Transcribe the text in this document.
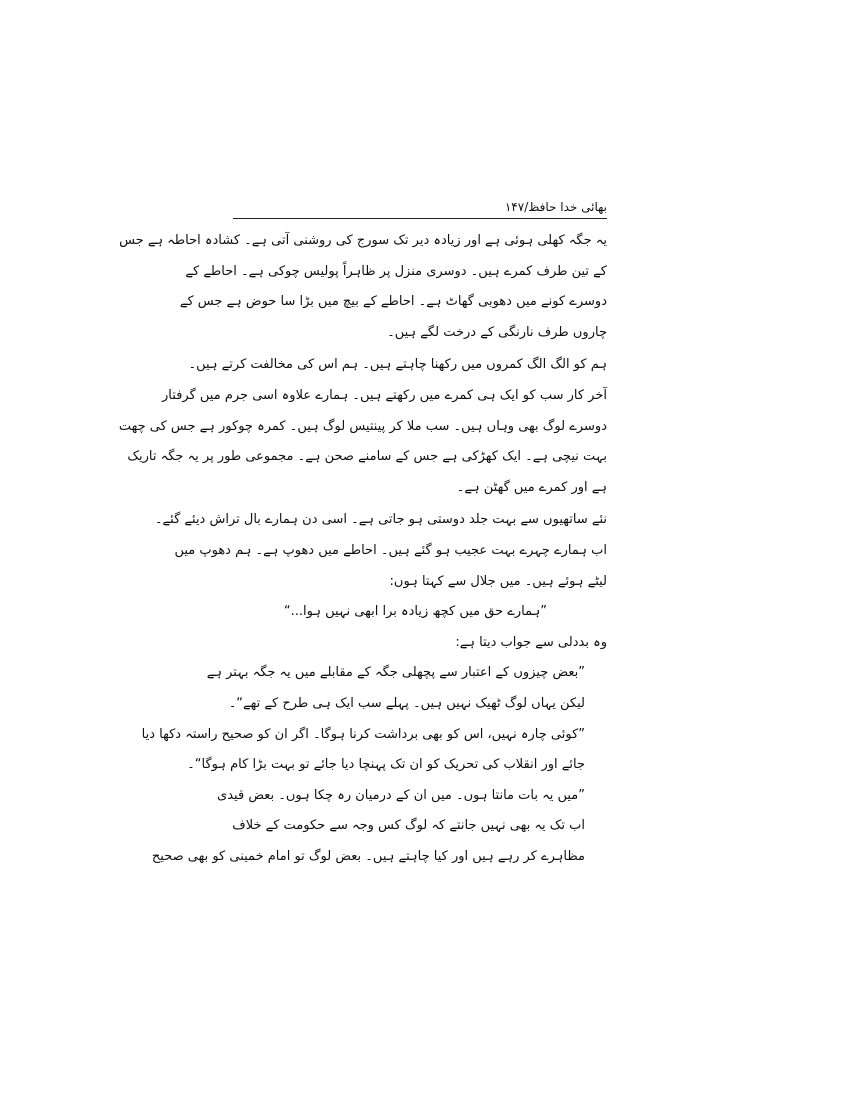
بھائی خدا حافظ/۱۴۷
یہ جگہ کھلی ہوئی ہے اور زیادہ دیر تک سورج کی روشنی آتی ہے۔ کشادہ احاطہ ہے جس
کے تین طرف کمرے ہیں۔ دوسری منزل پر ظاہراً پولیس چوکی ہے۔ احاطے کے
دوسرے کونے میں دھوبی گھاٹ ہے۔ احاطے کے بیچ میں بڑا سا حوض ہے جس کے
چاروں طرف نارنگی کے درخت لگے ہیں۔
ہم کو الگ الگ کمروں میں رکھنا چاہتے ہیں۔ ہم اس کی مخالفت کرتے ہیں۔
آخر کار سب کو ایک ہی کمرے میں رکھتے ہیں۔ ہمارے علاوہ اسی جرم میں گرفتار
دوسرے لوگ بھی وہاں ہیں۔ سب ملا کر پینتیس لوگ ہیں۔ کمرہ چوکور ہے جس کی چھت
بہت نیچی ہے۔ ایک کھڑکی ہے جس کے سامنے صحن ہے۔ مجموعی طور پر یہ جگہ تاریک
ہے اور کمرے میں گھٹن ہے۔
نئے ساتھیوں سے بہت جلد دوستی ہو جاتی ہے۔ اسی دن ہمارے بال تراش دیئے گئے۔
اب ہمارے چہرے بہت عجیب ہو گئے ہیں۔ احاطے میں دھوپ ہے۔ ہم دھوپ میں
لیٹے ہوئے ہیں۔ میں جلال سے کہتا ہوں:
”ہمارے حق میں کچھ زیادہ برا ابھی نہیں ہوا...“
وہ بددلی سے جواب دیتا ہے:
”بعض چیزوں کے اعتبار سے پچھلی جگہ کے مقابلے میں یہ جگہ بہتر ہے
لیکن یہاں لوگ ٹھیک نہیں ہیں۔ پہلے سب ایک ہی طرح کے تھے“۔
”کوئی چارہ نہیں، اس کو بھی برداشت کرنا ہوگا۔ اگر ان کو صحیح راستہ دکھا دیا
جائے اور انقلاب کی تحریک کو ان تک پہنچا دیا جائے تو بہت بڑا کام ہوگا“۔
”میں یہ بات مانتا ہوں۔ میں ان کے درمیان رہ چکا ہوں۔ بعض قیدی
اب تک یہ بھی نہیں جانتے کہ لوگ کس وجہ سے حکومت کے خلاف
مظاہرے کر رہے ہیں اور کیا چاہتے ہیں۔ بعض لوگ تو امام خمینی کو بھی صحیح
